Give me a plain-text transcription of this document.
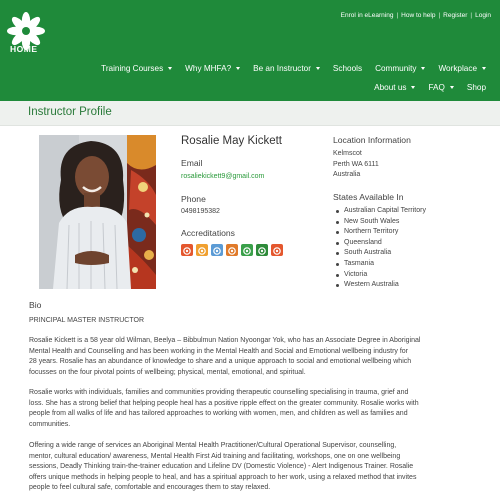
HOME
Enrol in eLearning | How to help | Register | Login
Training Courses	Why MHFA?	Be an Instructor	Schools Community	Workplace
About us	FAQ	Shop
Instructor Profile
Rosalie May Kickett
Email
rosaliekickett9@gmail.com
Phone
0498195382
Accreditations
Location Information
Kelmscot
Perth WA 6111
Australia
States Available In
Australian Capital Territory
New South Wales
Northern Territory
Queensland
South Australia
Tasmania
Victoria
Western Australia
Bio
PRINCIPAL MASTER INSTRUCTOR
Rosalie Kickett is a 58 year old Wilman, Beelya – Bibbulmun Nation Nyoongar Yok, who has an Associate Degree in Aboriginal
Mental Health and Counselling and has been working in the Mental Health and Social and Emotional wellbeing industry for
28 years. Rosalie has an abundance of knowledge to share and a unique approach to social and emotional wellbeing which
focusses on the four pivotal points of wellbeing; physical, mental, emotional, and spiritual.
Rosalie works with individuals, families and communities providing therapeutic counselling specialising in trauma, grief and
loss. She has a strong belief that helping people heal has a positive ripple effect on the greater community. Rosalie works with
people from all walks of life and has tailored approaches to working with women, men, and children as well as families and
communities.
Offering a wide range of services an Aboriginal Mental Health Practitioner/Cultural Operational Supervisor, counselling,
mentor, cultural education/ awareness, Mental Health First Aid training and facilitating, workshops, one on one wellbeing
sessions, Deadly Thinking train-the-trainer education and Lifeline DV (Domestic Violence) - Alert Indigenous Trainer. Rosalie
offers unique methods in helping people to heal, and has a spiritual approach to her work, using a relaxed method that invites
people to feel cultural safe, comfortable and encourages them to stay relaxed.
